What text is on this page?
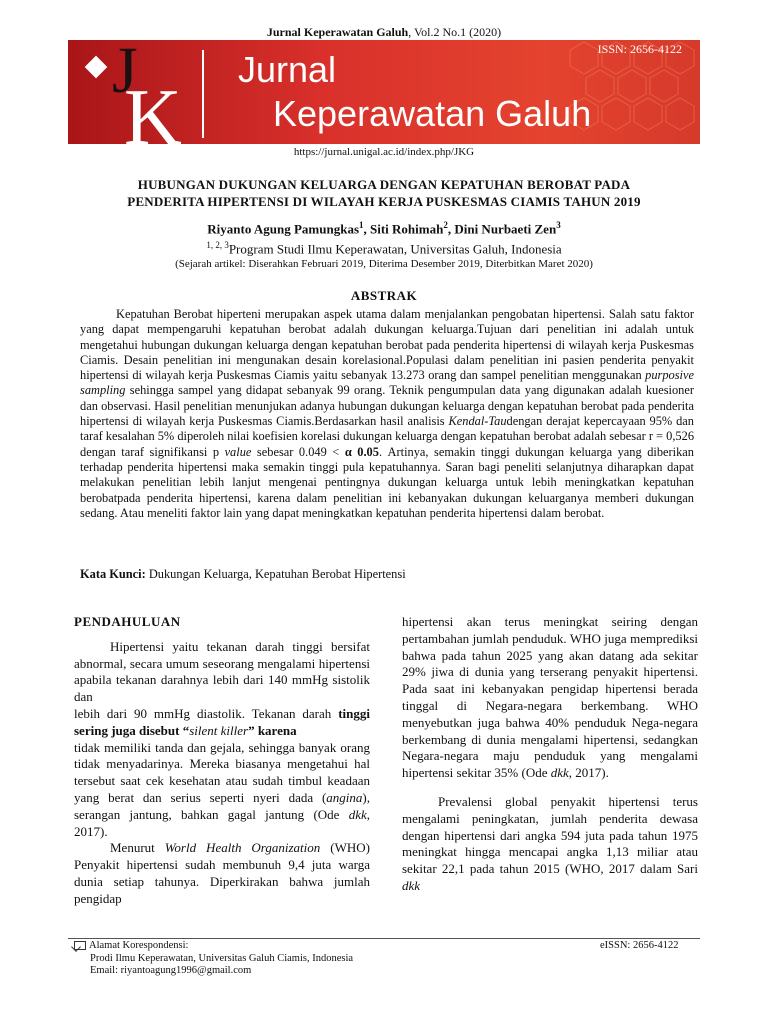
Jurnal Keperawatan Galuh, Vol.2 No.1 (2020)
J
K
Jurnal
Keperawatan Galuh
ISSN: 2656-4122
https://jurnal.unigal.ac.id/index.php/JKG
HUBUNGAN DUKUNGAN KELUARGA DENGAN KEPATUHAN BEROBAT PADA
PENDERITA HIPERTENSI DI WILAYAH KERJA PUSKESMAS CIAMIS TAHUN 2019
Riyanto Agung Pamungkas$^1$, Siti Rohimah$^2$, Dini Nurbaeti Zen$^3$
$^{1, 2, 3}$Program Studi Ilmu Keperawatan, Universitas Galuh, Indonesia
(Sejarah artikel: Diserahkan Februari 2019, Diterima Desember 2019, Diterbitkan Maret 2020)
ABSTRAK

Kepatuhan Berobat hiperteni merupakan aspek utama dalam menjalankan pengobatan hipertensi. Salah satu faktor yang dapat mempengaruhi kepatuhan berobat adalah dukungan keluarga.Tujuan dari penelitian ini adalah untuk mengetahui hubungan dukungan keluarga dengan kepatuhan berobat pada penderita hipertensi di wilayah kerja Puskesmas Ciamis. Desain penelitian ini mengunakan desain korelasional.Populasi dalam penelitian ini pasien penderita penyakit hipertensi di wilayah kerja Puskesmas Ciamis yaitu sebanyak 13.273 orang dan sampel penelitian menggunakan purposive sampling sehingga sampel yang didapat sebanyak 99 orang. Teknik pengumpulan data yang digunakan adalah kuesioner dan observasi. Hasil penelitian menunjukan adanya hubungan dukungan keluarga dengan kepatuhan berobat pada penderita hipertensi di wilayah kerja Puskesmas Ciamis.Berdasarkan hasil analisis Kendal-Taudengan derajat kepercayaan 95% dan taraf kesalahan 5% diperoleh nilai koefisien korelasi dukungan keluarga dengan kepatuhan berobat adalah sebesar r = 0,526 dengan taraf signifikansi p value sebesar 0.049 < α 0.05. Artinya, semakin tinggi dukungan keluarga yang diberikan terhadap penderita hipertensi maka semakin tinggi pula kepatuhannya. Saran bagi peneliti selanjutnya diharapkan dapat melakukan penelitian lebih lanjut mengenai pentingnya dukungan keluarga untuk lebih meningkatkan kepatuhan berobatpada penderita hipertensi, karena dalam penelitian ini kebanyakan dukungan keluarganya memberi dukungan sedang. Atau meneliti faktor lain yang dapat meningkatkan kepatuhan penderita hipertensi dalam berobat.

Kata Kunci: Dukungan Keluarga, Kepatuhan Berobat Hipertensi

PENDAHULUAN

Hipertensi yaitu tekanan darah tinggi bersifat abnormal, secara umum seseorang mengalami hipertensi apabila tekanan darahnya lebih dari 140 mmHg sistolik dan

lebih dari 90 mmHg diastolik. Tekanan darah tinggi sering juga disebut “silent killer” karena

tidak memiliki tanda dan gejala, sehingga banyak orang tidak menyadarinya. Mereka biasanya mengetahui hal tersebut saat cek kesehatan atau sudah timbul keadaan yang berat dan serius seperti nyeri dada (angina), serangan jantung, bahkan gagal jantung (Ode dkk, 2017).

Menurut World Health Organization (WHO) Penyakit hipertensi sudah membunuh 9,4 juta warga dunia setiap tahunya. Diperkirakan bahwa jumlah pengidap

hipertensi akan terus meningkat seiring dengan pertambahan jumlah penduduk. WHO juga memprediksi bahwa pada tahun 2025 yang akan datang ada sekitar 29% jiwa di dunia yang terserang penyakit hipertensi. Pada saat ini kebanyakan pengidap hipertensi berada tinggal di Negara-negara berkembang. WHO menyebutkan juga bahwa 40% penduduk Nega-negara berkembang di dunia mengalami hipertensi, sedangkan Negara-negara maju penduduk yang mengalami hipertensi sekitar 35% (Ode dkk, 2017).

Prevalensi global penyakit hipertensi terus mengalami peningkatan, jumlah penderita dewasa dengan hipertensi dari angka 594 juta pada tahun 1975 meningkat hingga mencapai angka 1,13 miliar atau sekitar 22,1 pada tahun 2015 (WHO, 2017 dalam Sari dkk

Alamat Korespondensi:
Prodi Ilmu Keperawatan, Universitas Galuh Ciamis, Indonesia
Email: riyantoagung1996@gmail.com
eISSN: 2656-4122
